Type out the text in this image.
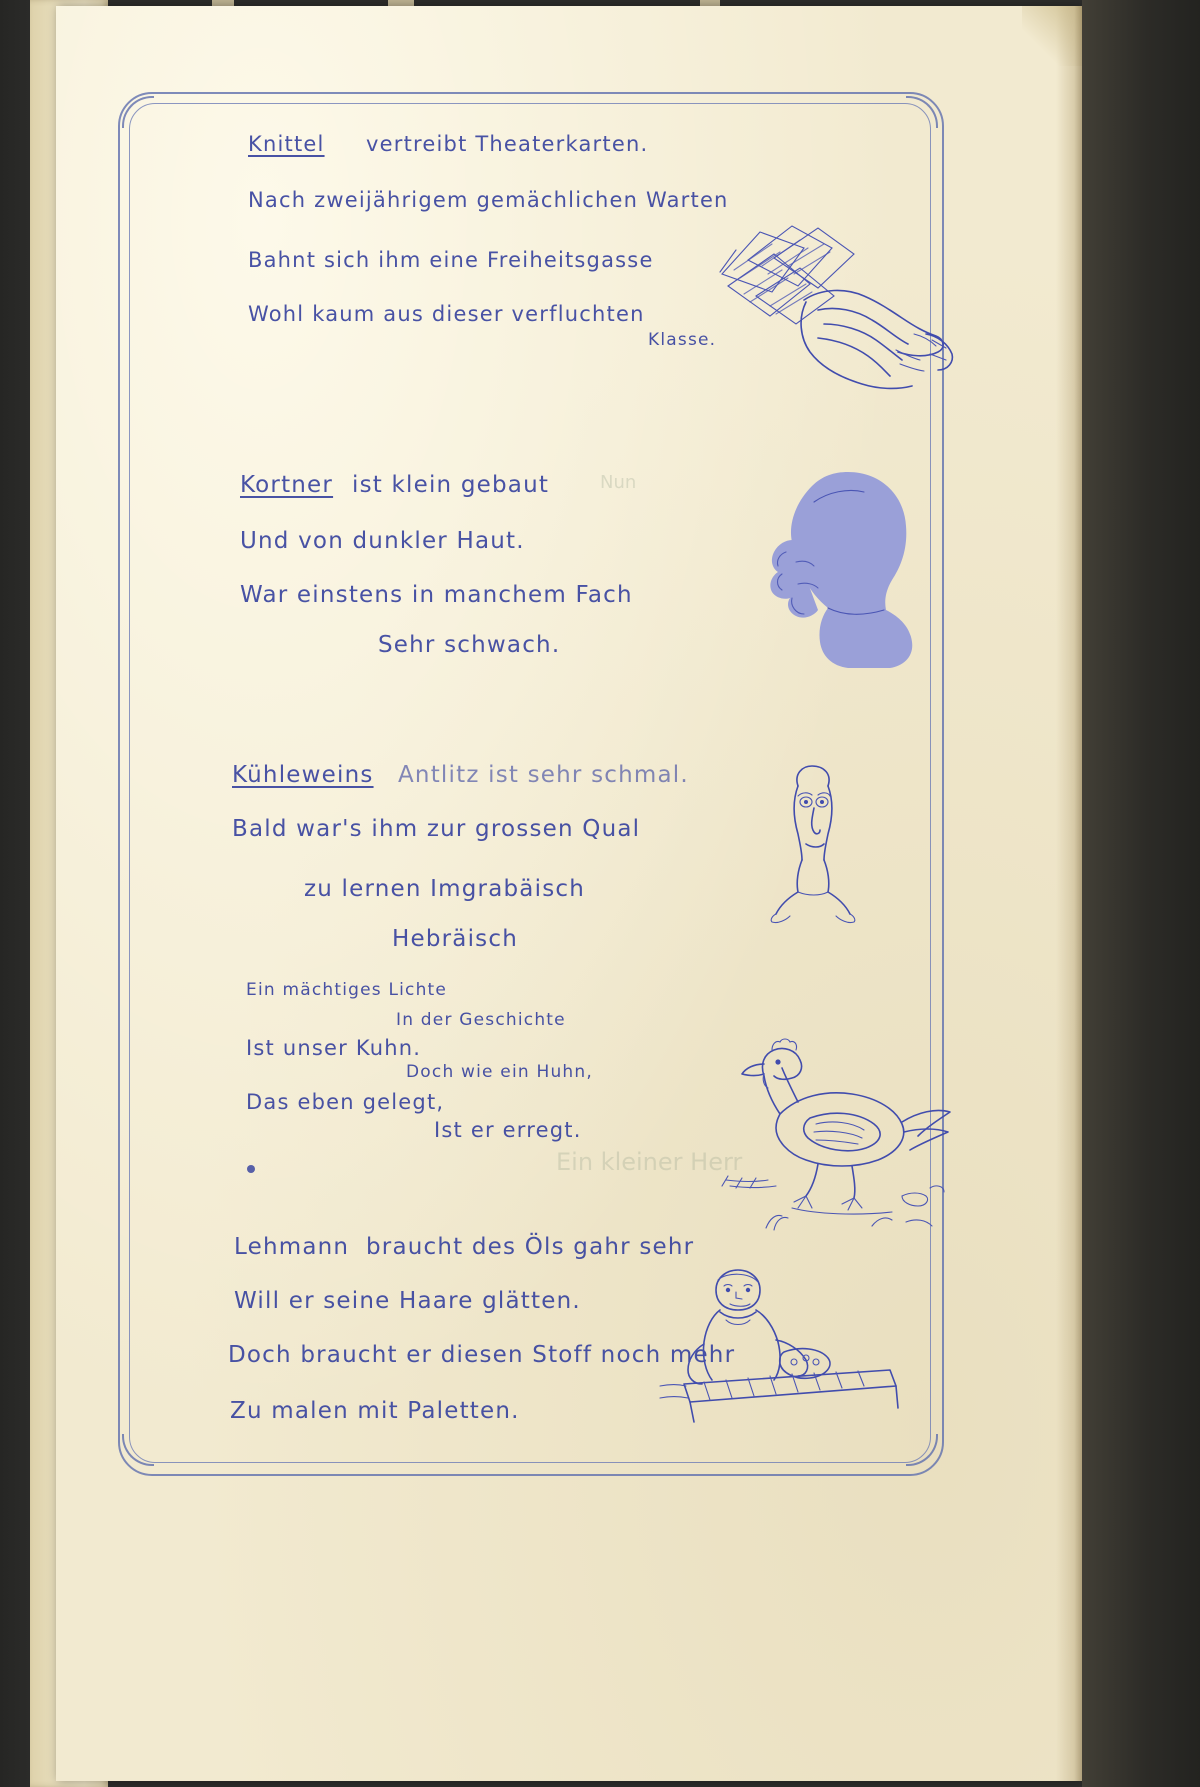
Nun
Ein kleiner Herr
Knittel vertreibt Theaterkarten.
Nach zweijährigem gemächlichen Warten
Bahnt sich ihm eine Freiheitsgasse
Wohl kaum aus dieser verfluchten
Klasse.
Kortner ist klein gebaut
Und von dunkler Haut.
War einstens in manchem Fach
Sehr schwach.
Kühleweins Antlitz ist sehr schmal.
Bald war's ihm zur grossen Qual
zu lernen Imgrabäisch
Hebräisch
Ein mächtiges Lichte
In der Geschichte
Ist unser Kuhn.
Doch wie ein Huhn,
Das eben gelegt,
Ist er erregt.
Lehmann braucht des Öls gahr sehr
Will er seine Haare glätten.
Doch braucht er diesen Stoff noch mehr
Zu malen mit Paletten.
